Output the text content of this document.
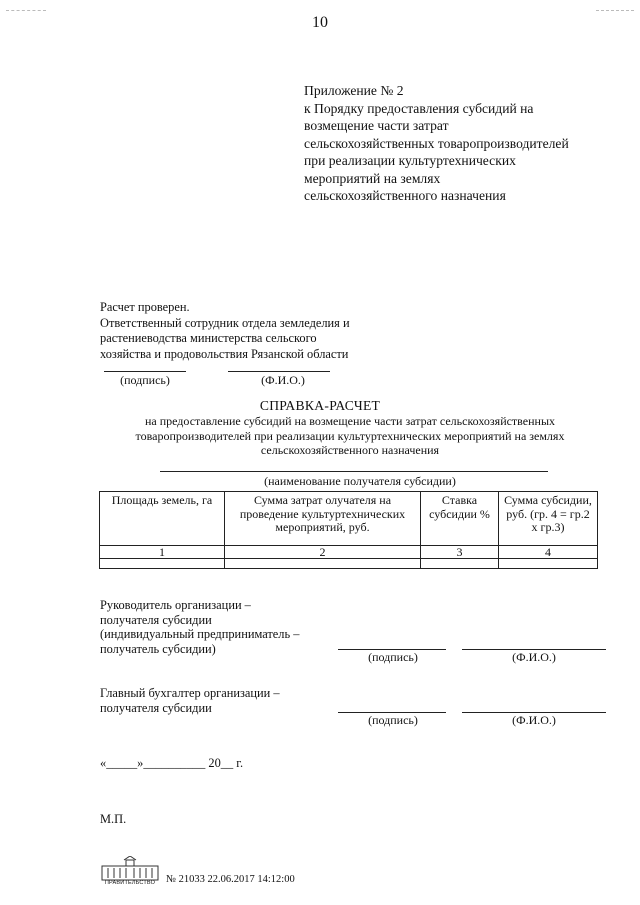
10
Приложение № 2
к Порядку предоставления субсидий на
возмещение части затрат
сельскохозяйственных товаропроизводителей
при реализации культуртехнических
мероприятий на землях
сельскохозяйственного назначения
Расчет проверен.
Ответственный сотрудник отдела земледелия и
растениеводства министерства сельского
хозяйства и продовольствия Рязанской области
(подпись)	(Ф.И.О.)
СПРАВКА-РАСЧЕТ
на предоставление субсидий на возмещение части затрат сельскохозяйственных
товаропроизводителей при реализации культуртехнических мероприятий на землях
сельскохозяйственного назначения
(наименование получателя субсидии)
Площадь земель, га	Сумма затрат олучателя на проведение культуртехнических мероприятий, руб.	Ставка субсидии %	Сумма субсидии, руб. (гр. 4 = гр.2 х гр.3)
1	2	3	4

Руководитель организации –
получателя субсидии
(индивидуальный предприниматель –
получатель субсидии)
(подпись)	(Ф.И.О.)
Главный бухгалтер организации –
получателя субсидии
(подпись)	(Ф.И.О.)
«_____»__________ 20__ г.
М.П.
ПРАВИТЕЛЬСТВО	№ 21033 22.06.2017 14:12:00
